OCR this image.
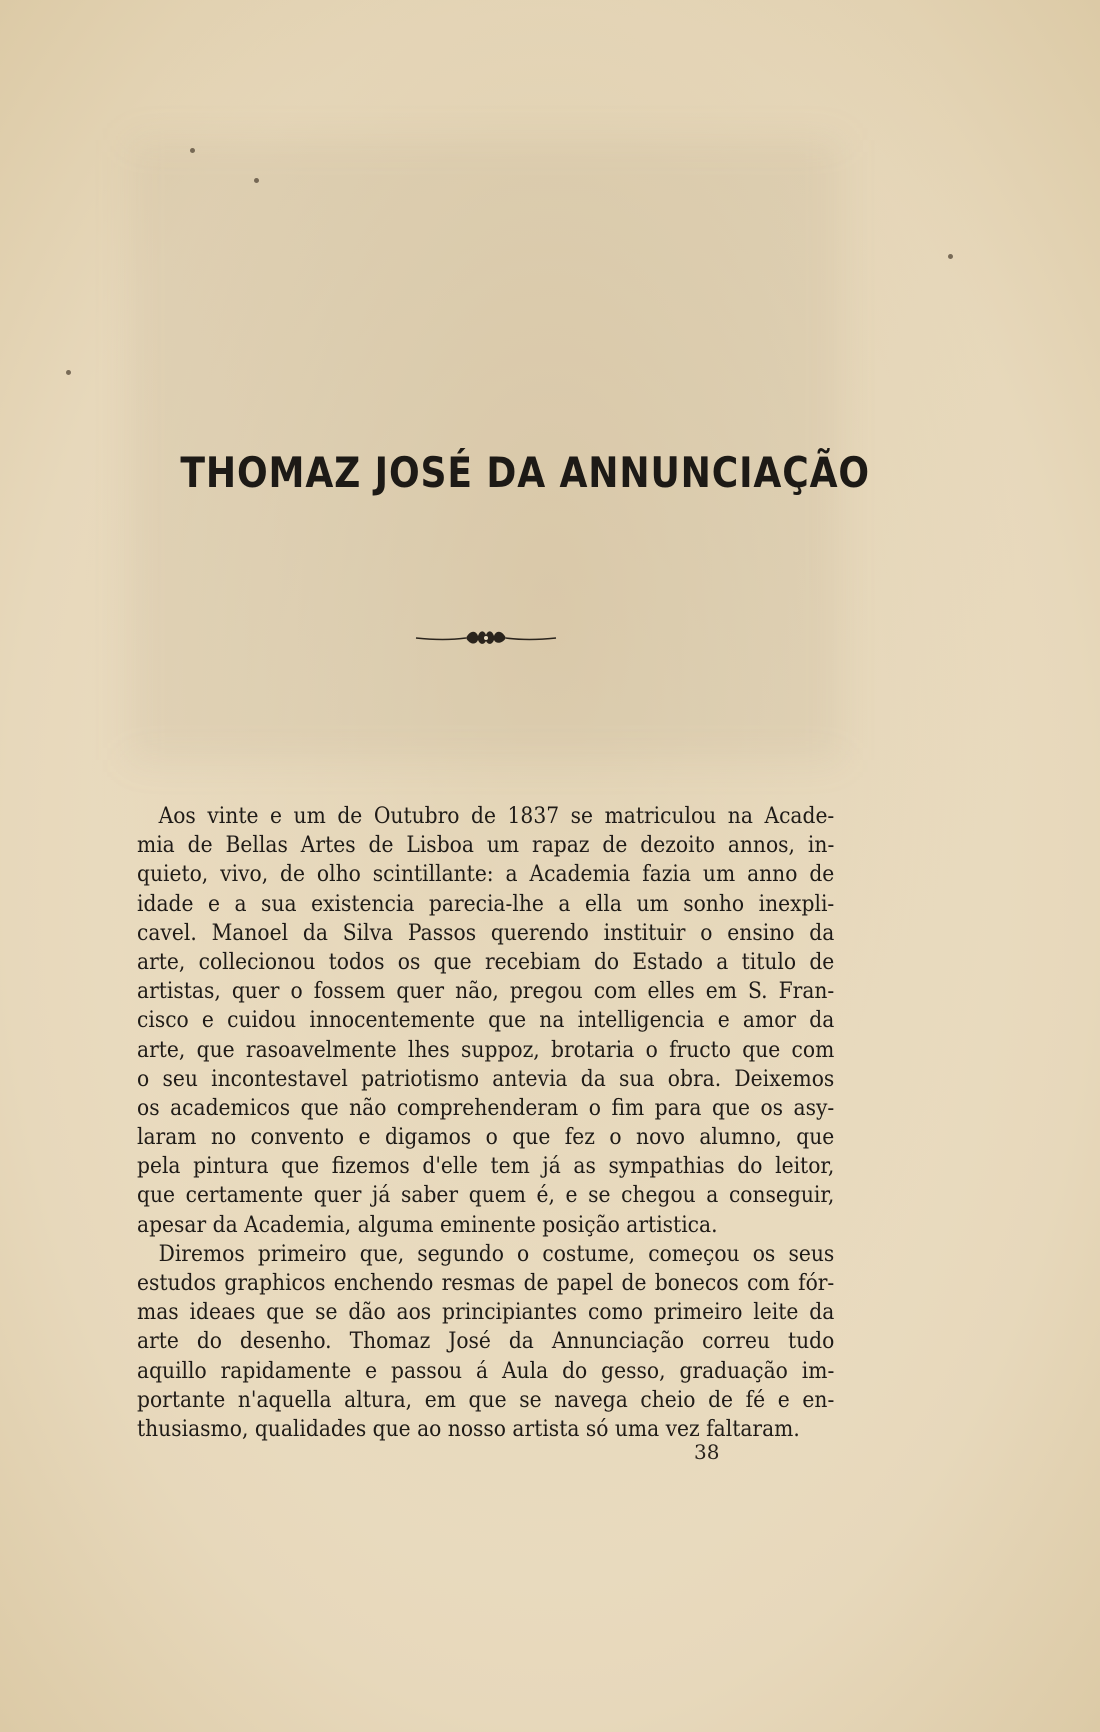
THOMAZ JOSÉ DA ANNUNCIAÇÃO

Aos vinte e um de Outubro de 1837 se matriculou na Acade-
mia de Bellas Artes de Lisboa um rapaz de dezoito annos, in-
quieto, vivo, de olho scintillante: a Academia fazia um anno de
idade e a sua existencia parecia-lhe a ella um sonho inexpli-
cavel. Manoel da Silva Passos querendo instituir o ensino da
arte, collecionou todos os que recebiam do Estado a titulo de
artistas, quer o fossem quer não, pregou com elles em S. Fran-
cisco e cuidou innocentemente que na intelligencia e amor da
arte, que rasoavelmente lhes suppoz, brotaria o fructo que com
o seu incontestavel patriotismo antevia da sua obra. Deixemos
os academicos que não comprehenderam o fim para que os asy-
laram no convento e digamos o que fez o novo alumno, que
pela pintura que fizemos d'elle tem já as sympathias do leitor,
que certamente quer já saber quem é, e se chegou a conseguir,
apesar da Academia, alguma eminente posição artistica.

Diremos primeiro que, segundo o costume, começou os seus
estudos graphicos enchendo resmas de papel de bonecos com fór-
mas ideaes que se dão aos principiantes como primeiro leite da
arte do desenho. Thomaz José da Annunciação correu tudo
aquillo rapidamente e passou á Aula do gesso, graduação im-
portante n'aquella altura, em que se navega cheio de fé e en-
thusiasmo, qualidades que ao nosso artista só uma vez faltaram.

38
